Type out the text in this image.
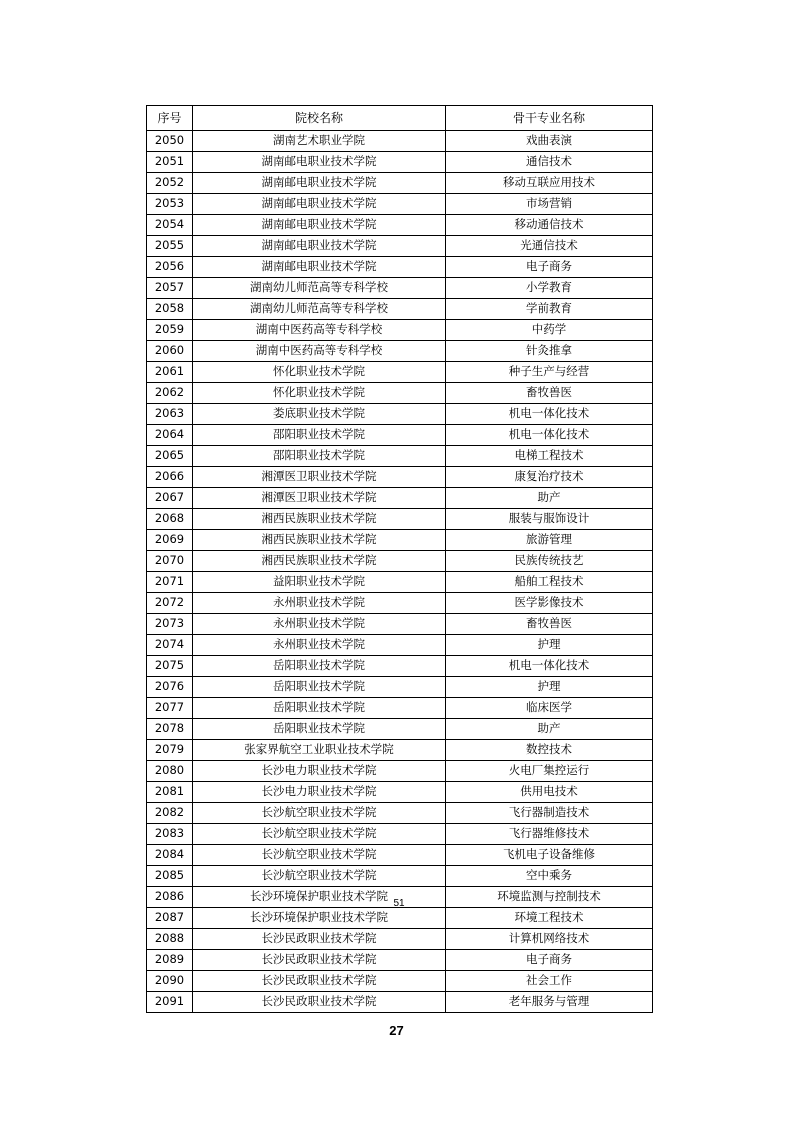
序号	院校名称	骨干专业名称
2050	湖南艺术职业学院	戏曲表演
2051	湖南邮电职业技术学院	通信技术
2052	湖南邮电职业技术学院	移动互联应用技术
2053	湖南邮电职业技术学院	市场营销
2054	湖南邮电职业技术学院	移动通信技术
2055	湖南邮电职业技术学院	光通信技术
2056	湖南邮电职业技术学院	电子商务
2057	湖南幼儿师范高等专科学校	小学教育
2058	湖南幼儿师范高等专科学校	学前教育
2059	湖南中医药高等专科学校	中药学
2060	湖南中医药高等专科学校	针灸推拿
2061	怀化职业技术学院	种子生产与经营
2062	怀化职业技术学院	畜牧兽医
2063	娄底职业技术学院	机电一体化技术
2064	邵阳职业技术学院	机电一体化技术
2065	邵阳职业技术学院	电梯工程技术
2066	湘潭医卫职业技术学院	康复治疗技术
2067	湘潭医卫职业技术学院	助产
2068	湘西民族职业技术学院	服装与服饰设计
2069	湘西民族职业技术学院	旅游管理
2070	湘西民族职业技术学院	民族传统技艺
2071	益阳职业技术学院	船舶工程技术
2072	永州职业技术学院	医学影像技术
2073	永州职业技术学院	畜牧兽医
2074	永州职业技术学院	护理
2075	岳阳职业技术学院	机电一体化技术
2076	岳阳职业技术学院	护理
2077	岳阳职业技术学院	临床医学
2078	岳阳职业技术学院	助产
2079	张家界航空工业职业技术学院	数控技术
2080	长沙电力职业技术学院	火电厂集控运行
2081	长沙电力职业技术学院	供用电技术
2082	长沙航空职业技术学院	飞行器制造技术
2083	长沙航空职业技术学院	飞行器维修技术
2084	长沙航空职业技术学院	飞机电子设备维修
2085	长沙航空职业技术学院	空中乘务
2086	长沙环境保护职业技术学院	环境监测与控制技术
2087	长沙环境保护职业技术学院	环境工程技术
2088	长沙民政职业技术学院	计算机网络技术
2089	长沙民政职业技术学院	电子商务
2090	长沙民政职业技术学院	社会工作
2091	长沙民政职业技术学院	老年服务与管理
51
27
